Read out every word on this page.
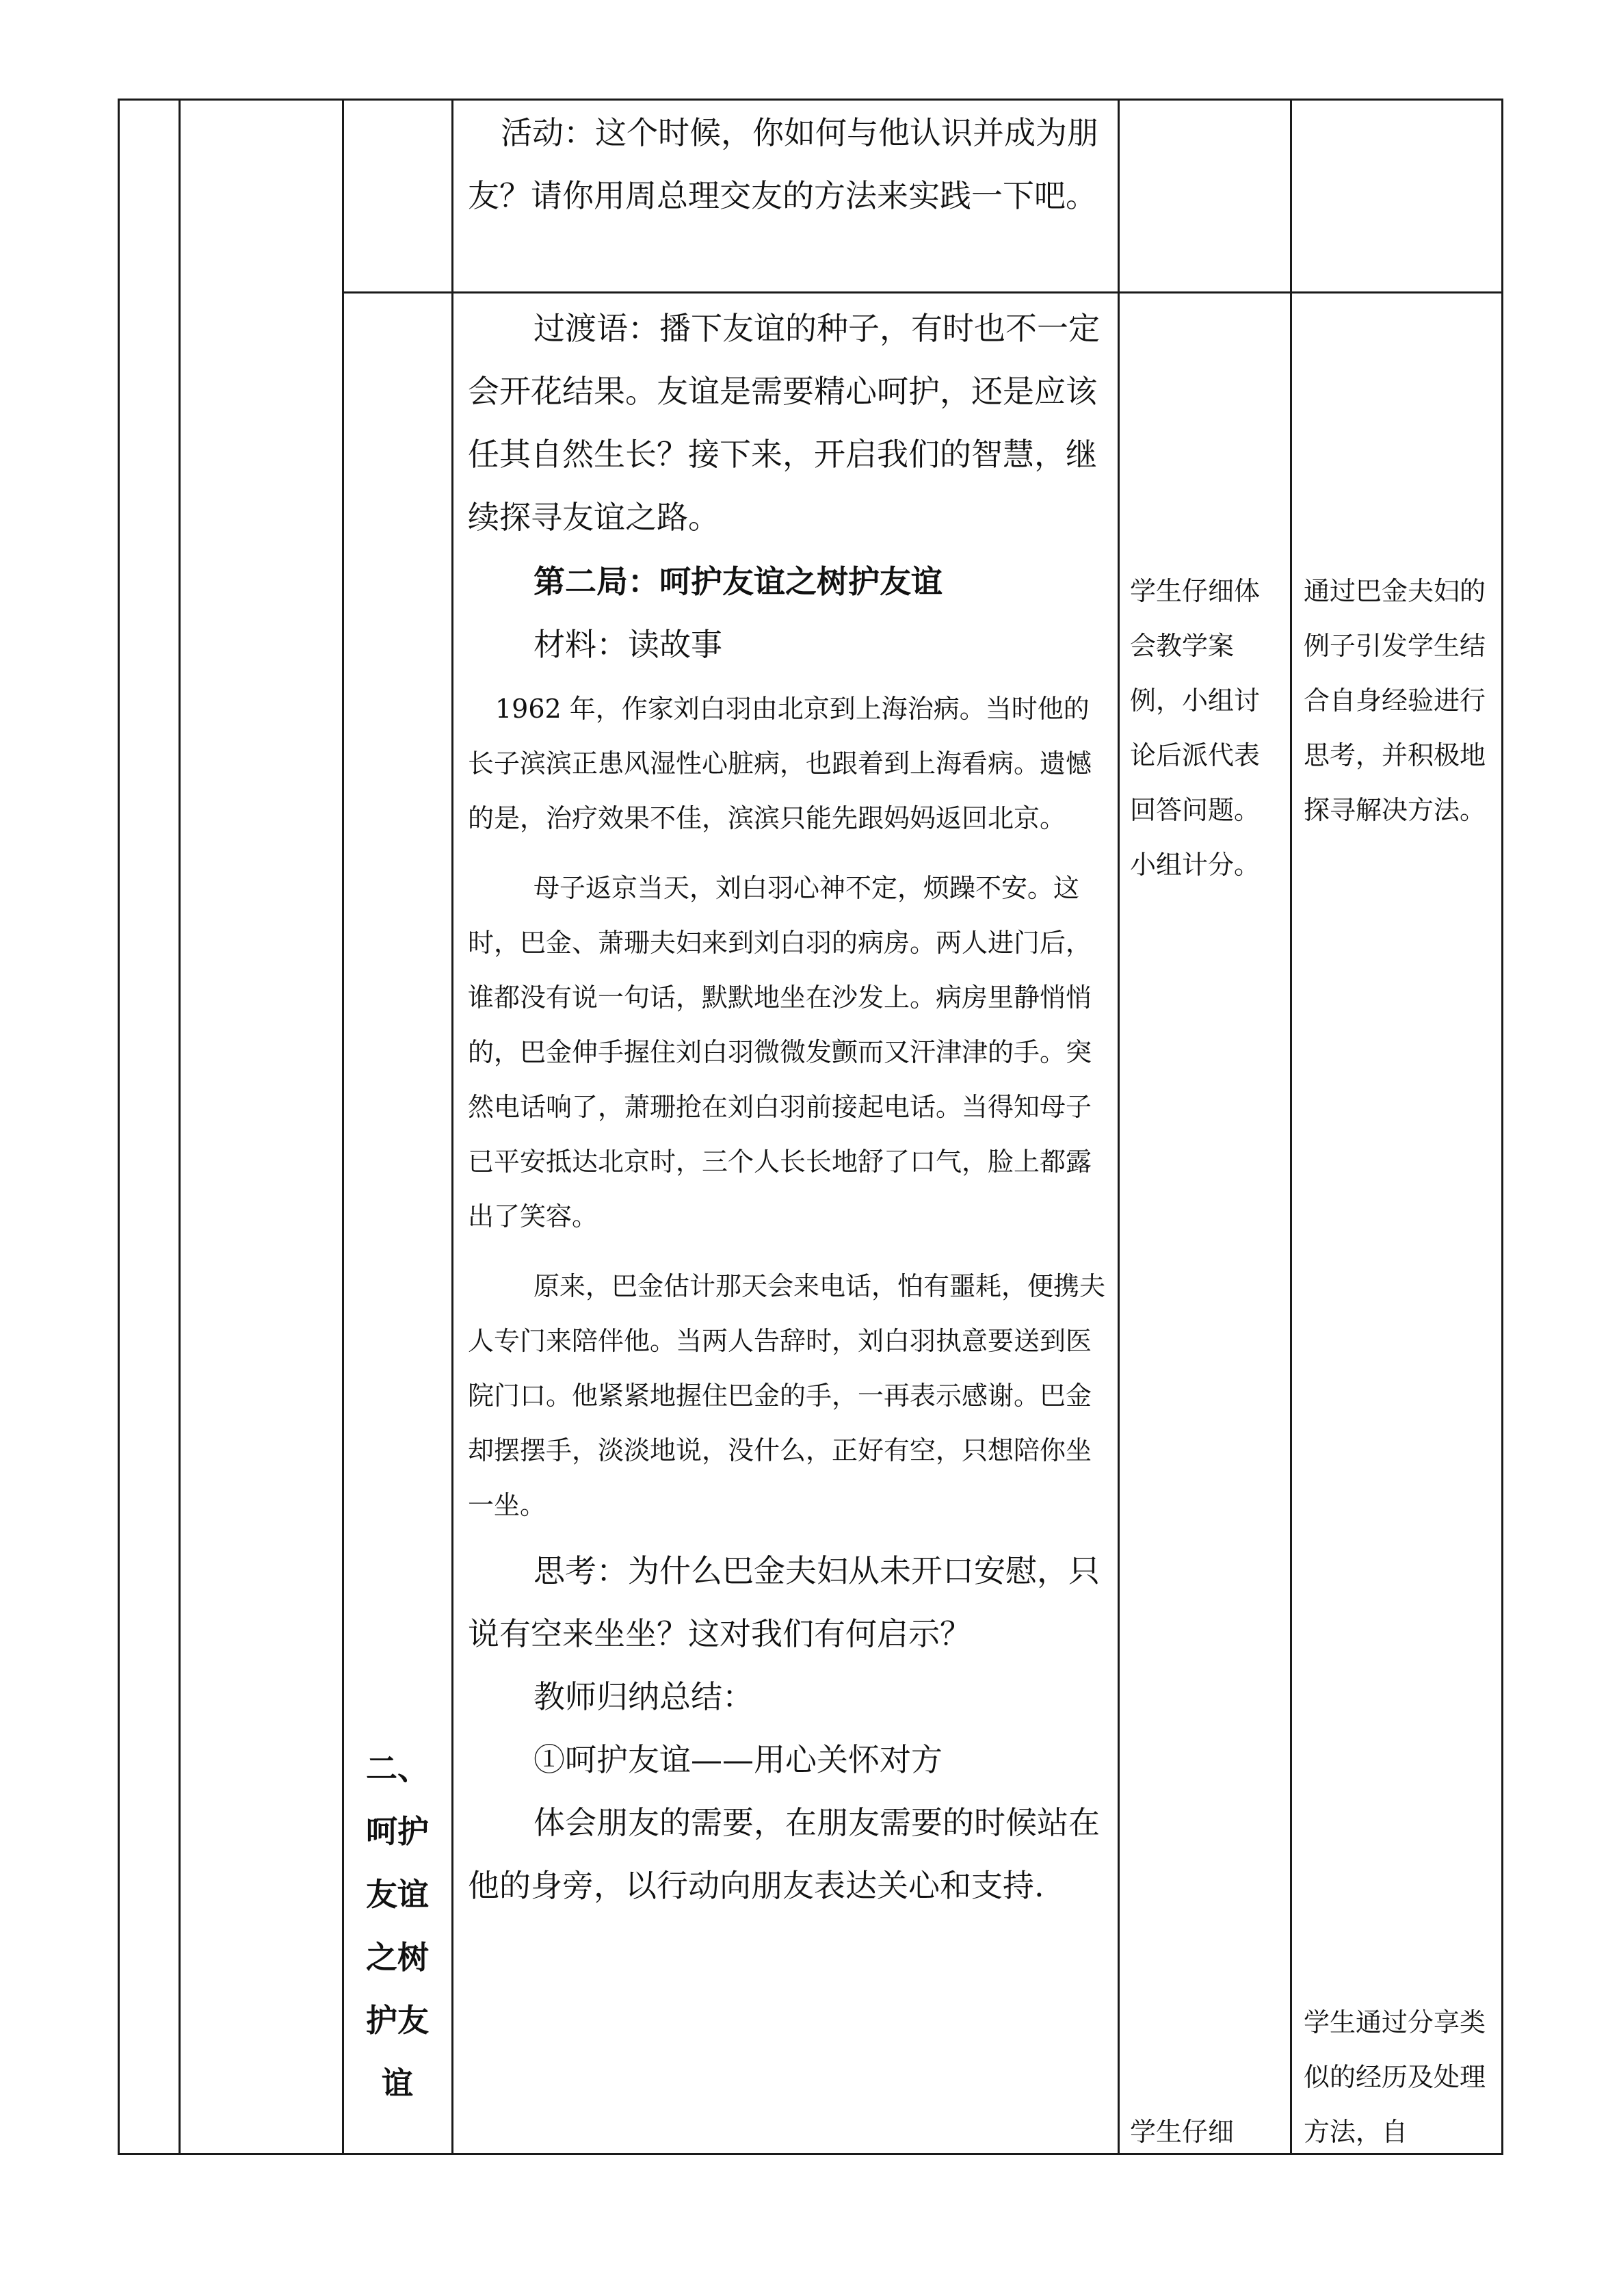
活动：这个时候，你如何与他认识并成为朋友？请你用周总理交友的方法来实践一下吧。

二、
呵护
友谊
之树
护友
谊

过渡语：播下友谊的种子，有时也不一定会开花结果。友谊是需要精心呵护，还是应该任其自然生长？接下来，开启我们的智慧，继续探寻友谊之路。

第二局：呵护友谊之树护友谊

材料：读故事

1962 年，作家刘白羽由北京到上海治病。当时他的长子滨滨正患风湿性心脏病，也跟着到上海看病。遗憾的是，治疗效果不佳，滨滨只能先跟妈妈返回北京。

母子返京当天，刘白羽心神不定，烦躁不安。这时，巴金、萧珊夫妇来到刘白羽的病房。两人进门后，谁都没有说一句话，默默地坐在沙发上。病房里静悄悄的，巴金伸手握住刘白羽微微发颤而又汗津津的手。突然电话响了，萧珊抢在刘白羽前接起电话。当得知母子已平安抵达北京时，三个人长长地舒了口气，脸上都露出了笑容。

原来，巴金估计那天会来电话，怕有噩耗，便携夫人专门来陪伴他。当两人告辞时，刘白羽执意要送到医院门口。他紧紧地握住巴金的手，一再表示感谢。巴金却摆摆手，淡淡地说，没什么，正好有空，只想陪你坐一坐。

思考：为什么巴金夫妇从未开口安慰，只说有空来坐坐？这对我们有何启示？

教师归纳总结：

①呵护友谊——用心关怀对方

体会朋友的需要，在朋友需要的时候站在他的身旁，以行动向朋友表达关心和支持.

学生仔细体会教学案例，小组讨论后派代表回答问题。

小组计分。

学生仔细

通过巴金夫妇的例子引发学生结合自身经验进行思考，并积极地探寻解决方法。

学生通过分享类似的经历及处理方法，自
